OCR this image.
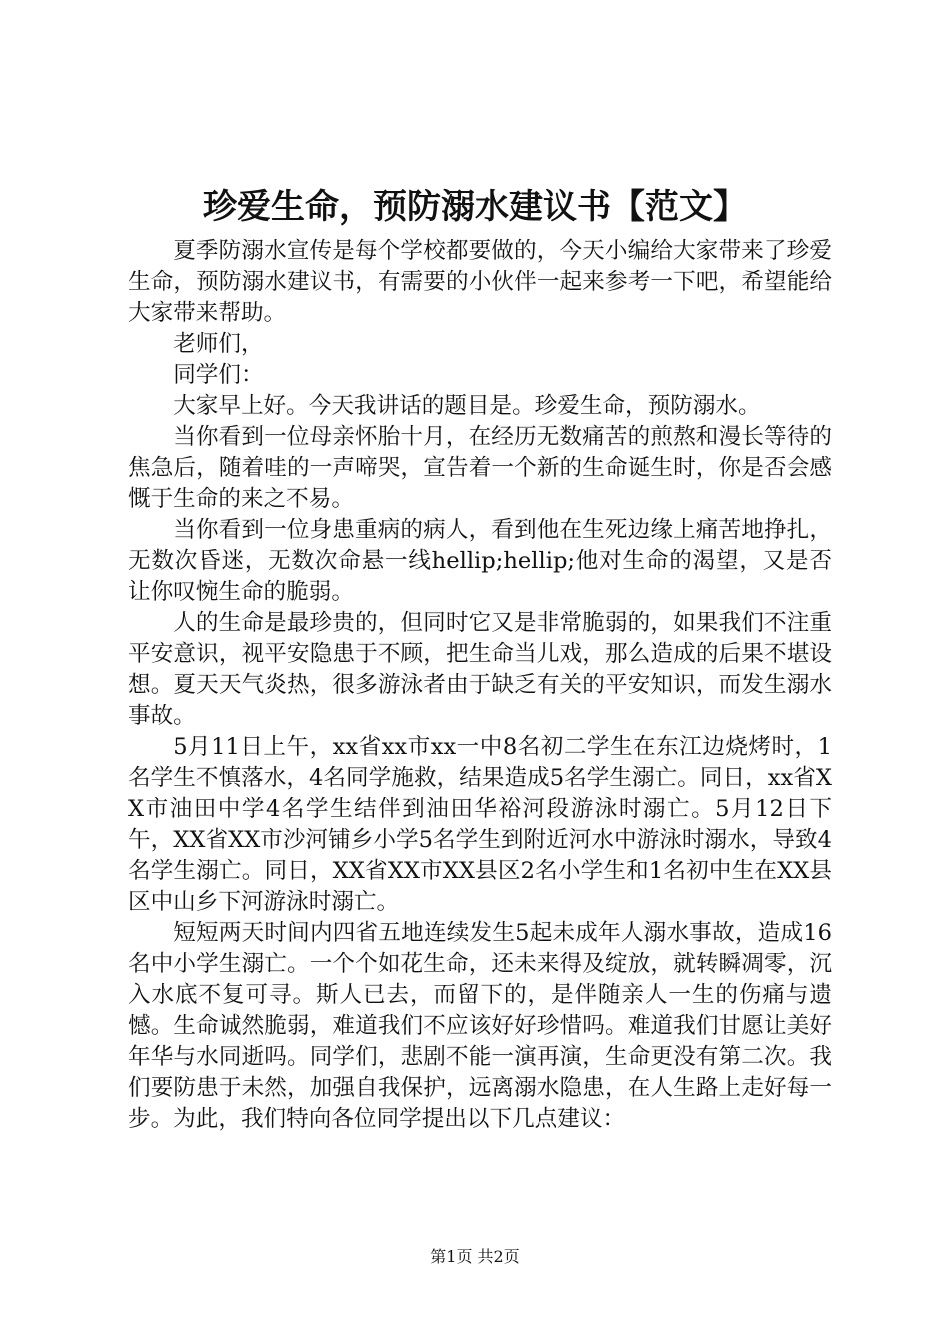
珍爱生命，预防溺水建议书【范文】

夏季防溺水宣传是每个学校都要做的，今天小编给大家带来了珍爱生命，预防溺水建议书，有需要的小伙伴一起来参考一下吧，希望能给大家带来帮助。

老师们，

同学们：

大家早上好。今天我讲话的题目是。珍爱生命，预防溺水。

当你看到一位母亲怀胎十月，在经历无数痛苦的煎熬和漫长等待的焦急后，随着哇的一声啼哭，宣告着一个新的生命诞生时，你是否会感慨于生命的来之不易。

当你看到一位身患重病的病人，看到他在生死边缘上痛苦地挣扎，无数次昏迷，无数次命悬一线hellip;hellip;他对生命的渴望，又是否让你叹惋生命的脆弱。

人的生命是最珍贵的，但同时它又是非常脆弱的，如果我们不注重平安意识，视平安隐患于不顾，把生命当儿戏，那么造成的后果不堪设想。夏天天气炎热，很多游泳者由于缺乏有关的平安知识，而发生溺水事故。

5月11日上午，xx省xx市xx一中8名初二学生在东江边烧烤时，1名学生不慎落水，4名同学施救，结果造成5名学生溺亡。同日，xx省XX市油田中学4名学生结伴到油田华裕河段游泳时溺亡。5月12日下午，XX省XX市沙河铺乡小学5名学生到附近河水中游泳时溺水，导致4名学生溺亡。同日，XX省XX市XX县区2名小学生和1名初中生在XX县区中山乡下河游泳时溺亡。

短短两天时间内四省五地连续发生5起未成年人溺水事故，造成16名中小学生溺亡。一个个如花生命，还未来得及绽放，就转瞬凋零，沉入水底不复可寻。斯人已去，而留下的，是伴随亲人一生的伤痛与遗憾。生命诚然脆弱，难道我们不应该好好珍惜吗。难道我们甘愿让美好年华与水同逝吗。同学们，悲剧不能一演再演，生命更没有第二次。我们要防患于未然，加强自我保护，远离溺水隐患，在人生路上走好每一步。为此，我们特向各位同学提出以下几点建议：

第1页 共2页
